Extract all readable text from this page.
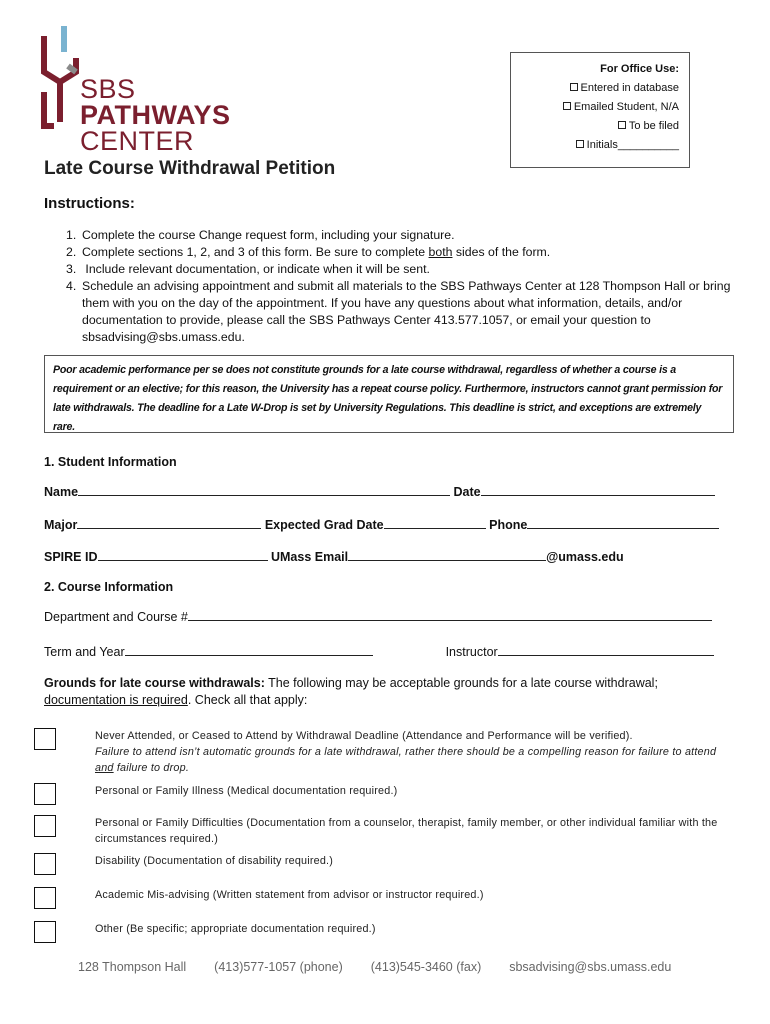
SBS
PATHWAYS
CENTER
For Office Use:
Entered in database
Emailed Student, N/A
To be filed
Initials__________
Late Course Withdrawal Petition
Instructions:
1. Complete the course Change request form, including your signature.
2. Complete sections 1, 2, and 3 of this form. Be sure to complete both sides of the form.
3. Include relevant documentation, or indicate when it will be sent.
4. Schedule an advising appointment and submit all materials to the SBS Pathways Center at 128 Thompson Hall or bring them with you on the day of the appointment. If you have any questions about what information, details, and/or documentation to provide, please call the SBS Pathways Center 413.577.1057, or email your question to sbsadvising@sbs.umass.edu.
Poor academic performance per se does not constitute grounds for a late course withdrawal, regardless of whether a course is a requirement or an elective; for this reason, the University has a repeat course policy. Furthermore, instructors cannot grant permission for late withdrawals. The deadline for a Late W-Drop is set by University Regulations. This deadline is strict, and exceptions are extremely rare.
1. Student Information
Name	Date
Major	Expected Grad Date	Phone
SPIRE ID	UMass Email	@umass.edu
2. Course Information
Department and Course #
Term and Year	Instructor
Grounds for late course withdrawals: The following may be acceptable grounds for a late course withdrawal; documentation is required. Check all that apply:
Never Attended, or Ceased to Attend by Withdrawal Deadline (Attendance and Performance will be verified).
Failure to attend isn’t automatic grounds for a late withdrawal, rather there should be a compelling reason for failure to attend and failure to drop.
Personal or Family Illness (Medical documentation required.)
Personal or Family Difficulties (Documentation from a counselor, therapist, family member, or other individual familiar with the circumstances required.)
Disability (Documentation of disability required.)
Academic Mis-advising (Written statement from advisor or instructor required.)
Other (Be specific; appropriate documentation required.)
128 Thompson Hall (413)577-1057 (phone) (413)545-3460 (fax) sbsadvising@sbs.umass.edu
